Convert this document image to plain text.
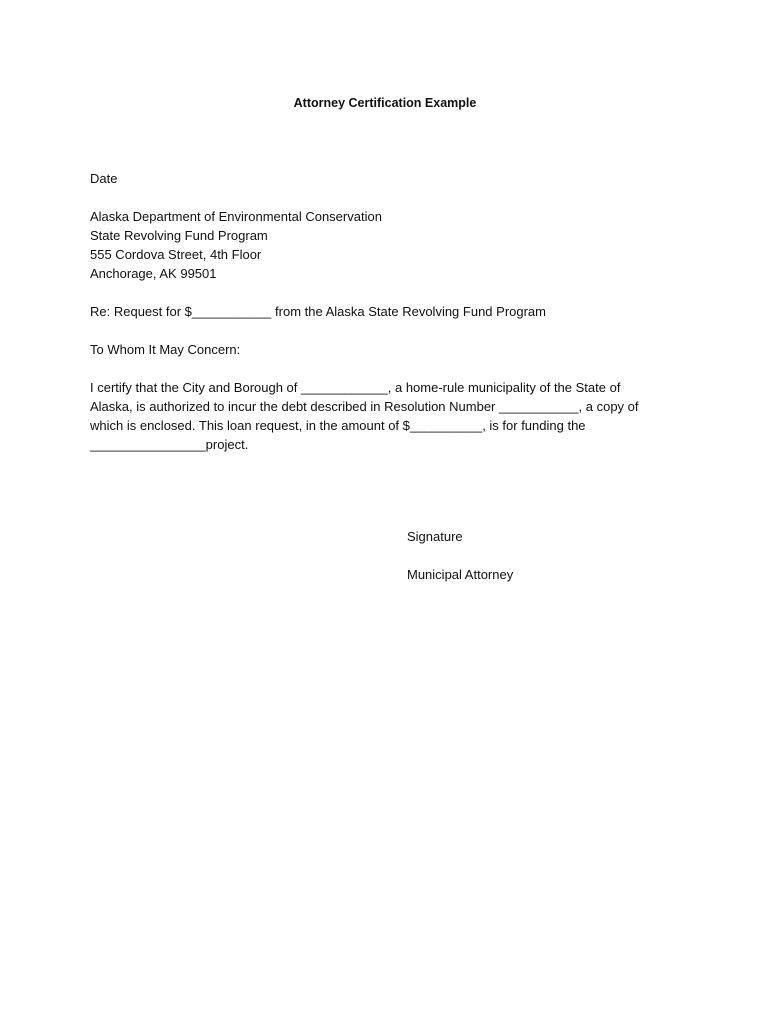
Attorney Certification Example
Date
Alaska Department of Environmental Conservation
State Revolving Fund Program
555 Cordova Street, 4th Floor
Anchorage, AK 99501
Re: Request for $___________ from the Alaska State Revolving Fund Program
To Whom It May Concern:
I certify that the City and Borough of ____________, a home-rule municipality of the State of
Alaska, is authorized to incur the debt described in Resolution Number ___________, a copy of
which is enclosed. This loan request, in the amount of $__________, is for funding the
________________project.
Signature
Municipal Attorney
